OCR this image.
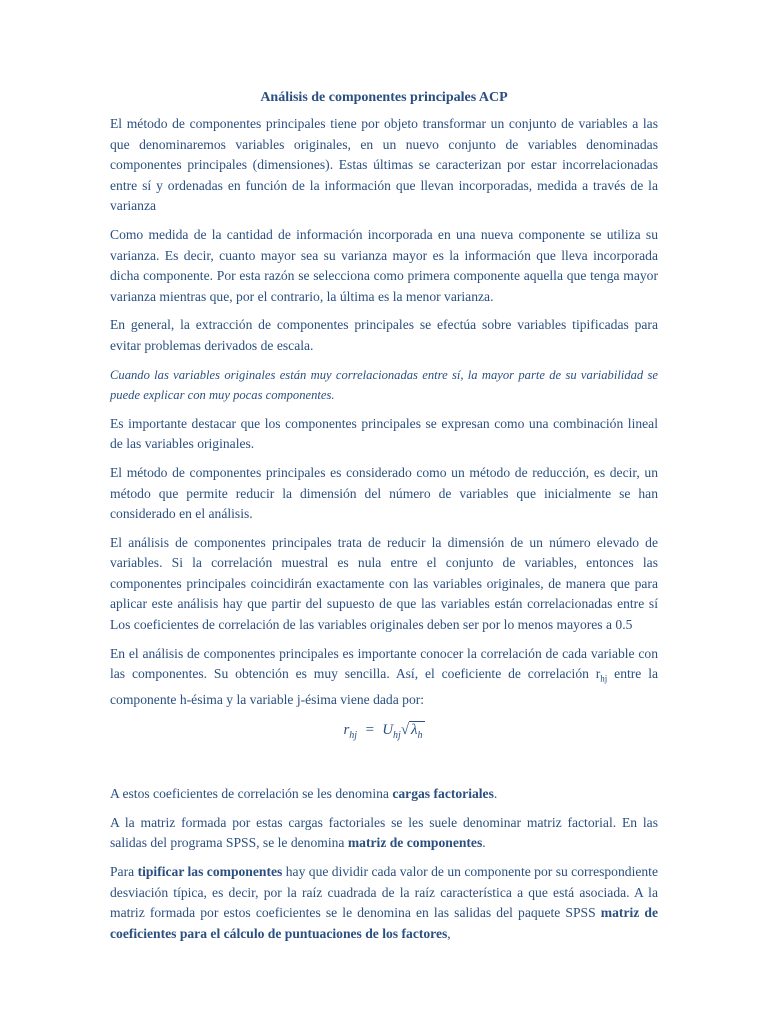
Análisis de componentes principales ACP

El método de componentes principales tiene por objeto transformar un conjunto de variables a las que denominaremos variables originales, en un nuevo conjunto de variables denominadas componentes principales (dimensiones). Estas últimas se caracterizan por estar incorrelacionadas entre sí y ordenadas en función de la información que llevan incorporadas, medida a través de la varianza

Como medida de la cantidad de información incorporada en una nueva componente se utiliza su varianza. Es decir, cuanto mayor sea su varianza mayor es la información que lleva incorporada dicha componente. Por esta razón se selecciona como primera componente aquella que tenga mayor varianza mientras que, por el contrario, la última es la menor varianza.

En general, la extracción de componentes principales se efectúa sobre variables tipificadas para evitar problemas derivados de escala.

Cuando las variables originales están muy correlacionadas entre sí, la mayor parte de su variabilidad se puede explicar con muy pocas componentes.

Es importante destacar que los componentes principales se expresan como una combinación lineal de las variables originales.

El método de componentes principales es considerado como un método de reducción, es decir, un método que permite reducir la dimensión del número de variables que inicialmente se han considerado en el análisis.

El análisis de componentes principales trata de reducir la dimensión de un número elevado de variables. Si la correlación muestral es nula entre el conjunto de variables, entonces las componentes principales coincidirán exactamente con las variables originales, de manera que para aplicar este análisis hay que partir del supuesto de que las variables están correlacionadas entre sí Los coeficientes de correlación de las variables originales deben ser por lo menos mayores a 0.5

En el análisis de componentes principales es importante conocer la correlación de cada variable con las componentes. Su obtención es muy sencilla. Así, el coeficiente de correlación $r_{hj}$ entre la componente h-ésima y la variable j-ésima viene dada por:

$r_{hj} = U_{hj}√$ $\lambda_h$

A estos coeficientes de correlación se les denomina cargas factoriales.

A la matriz formada por estas cargas factoriales se les suele denominar matriz factorial. En las salidas del programa SPSS, se le denomina matriz de componentes.

Para tipificar las componentes hay que dividir cada valor de un componente por su correspondiente desviación típica, es decir, por la raíz cuadrada de la raíz característica a que está asociada. A la matriz formada por estos coeficientes se le denomina en las salidas del paquete SPSS matriz de coeficientes para el cálculo de puntuaciones de los factores,
